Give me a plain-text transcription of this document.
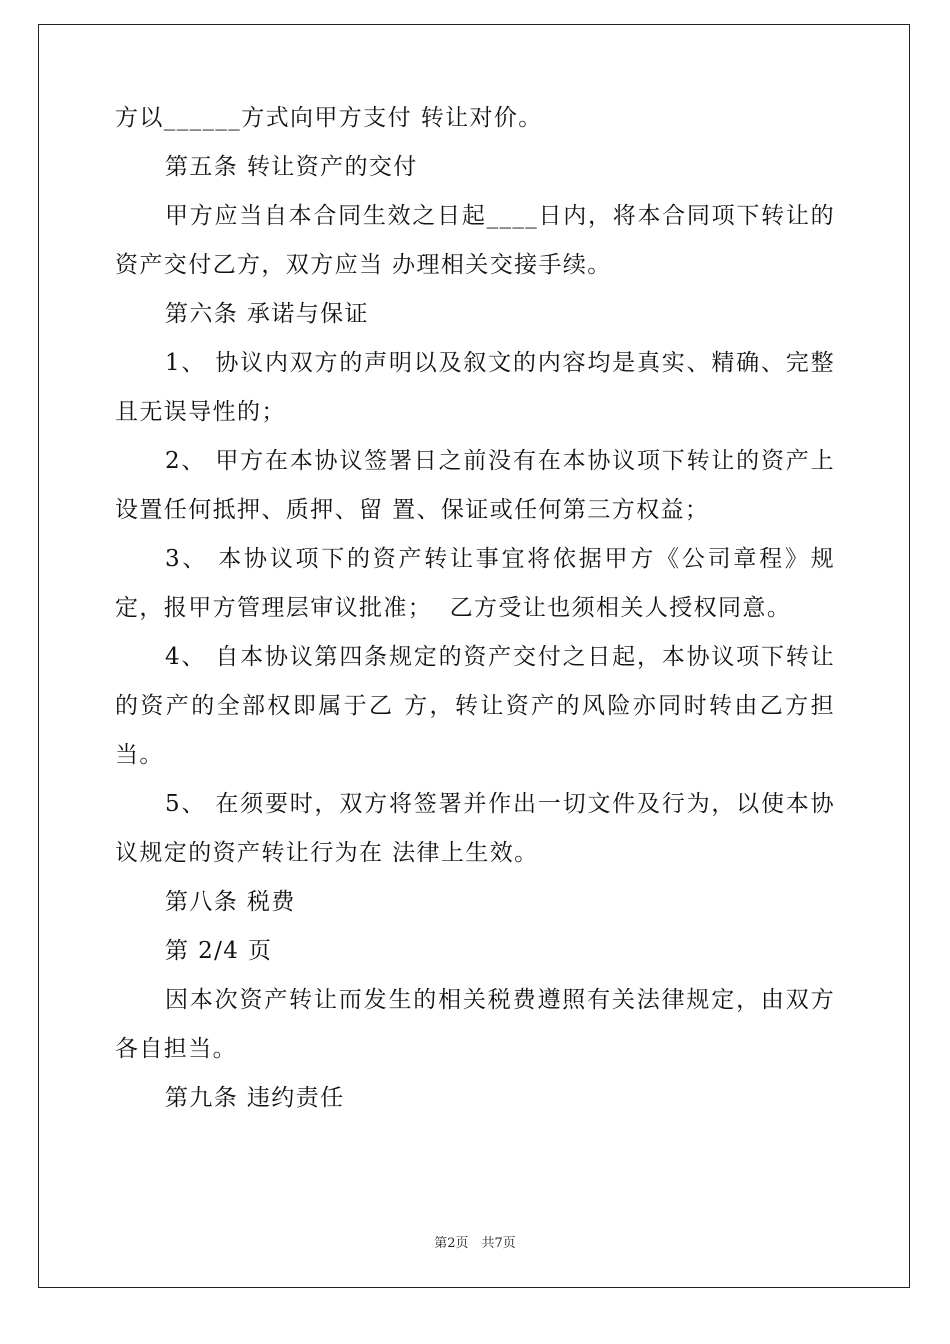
方以______方式向甲方支付 转让对价。

第五条 转让资产的交付

甲方应当自本合同生效之日起____日内，将本合同项下转让的资产交付乙方，双方应当 办理相关交接手续。

第六条 承诺与保证

1、 协议内双方的声明以及叙文的内容均是真实、精确、完整且无误导性的；

2、 甲方在本协议签署日之前没有在本协议项下转让的资产上设置任何抵押、质押、留 置、保证或任何第三方权益；

3、 本协议项下的资产转让事宜将依据甲方《公司章程》规定，报甲方管理层审议批准；  乙方受让也须相关人授权同意。

4、 自本协议第四条规定的资产交付之日起，本协议项下转让的资产的全部权即属于乙 方，转让资产的风险亦同时转由乙方担当。

5、 在须要时，双方将签署并作出一切文件及行为，以使本协议规定的资产转让行为在 法律上生效。

第八条 税费

第 2/4 页

因本次资产转让而发生的相关税费遵照有关法律规定，由双方各自担当。

第九条 违约责任

第2页　共7页
